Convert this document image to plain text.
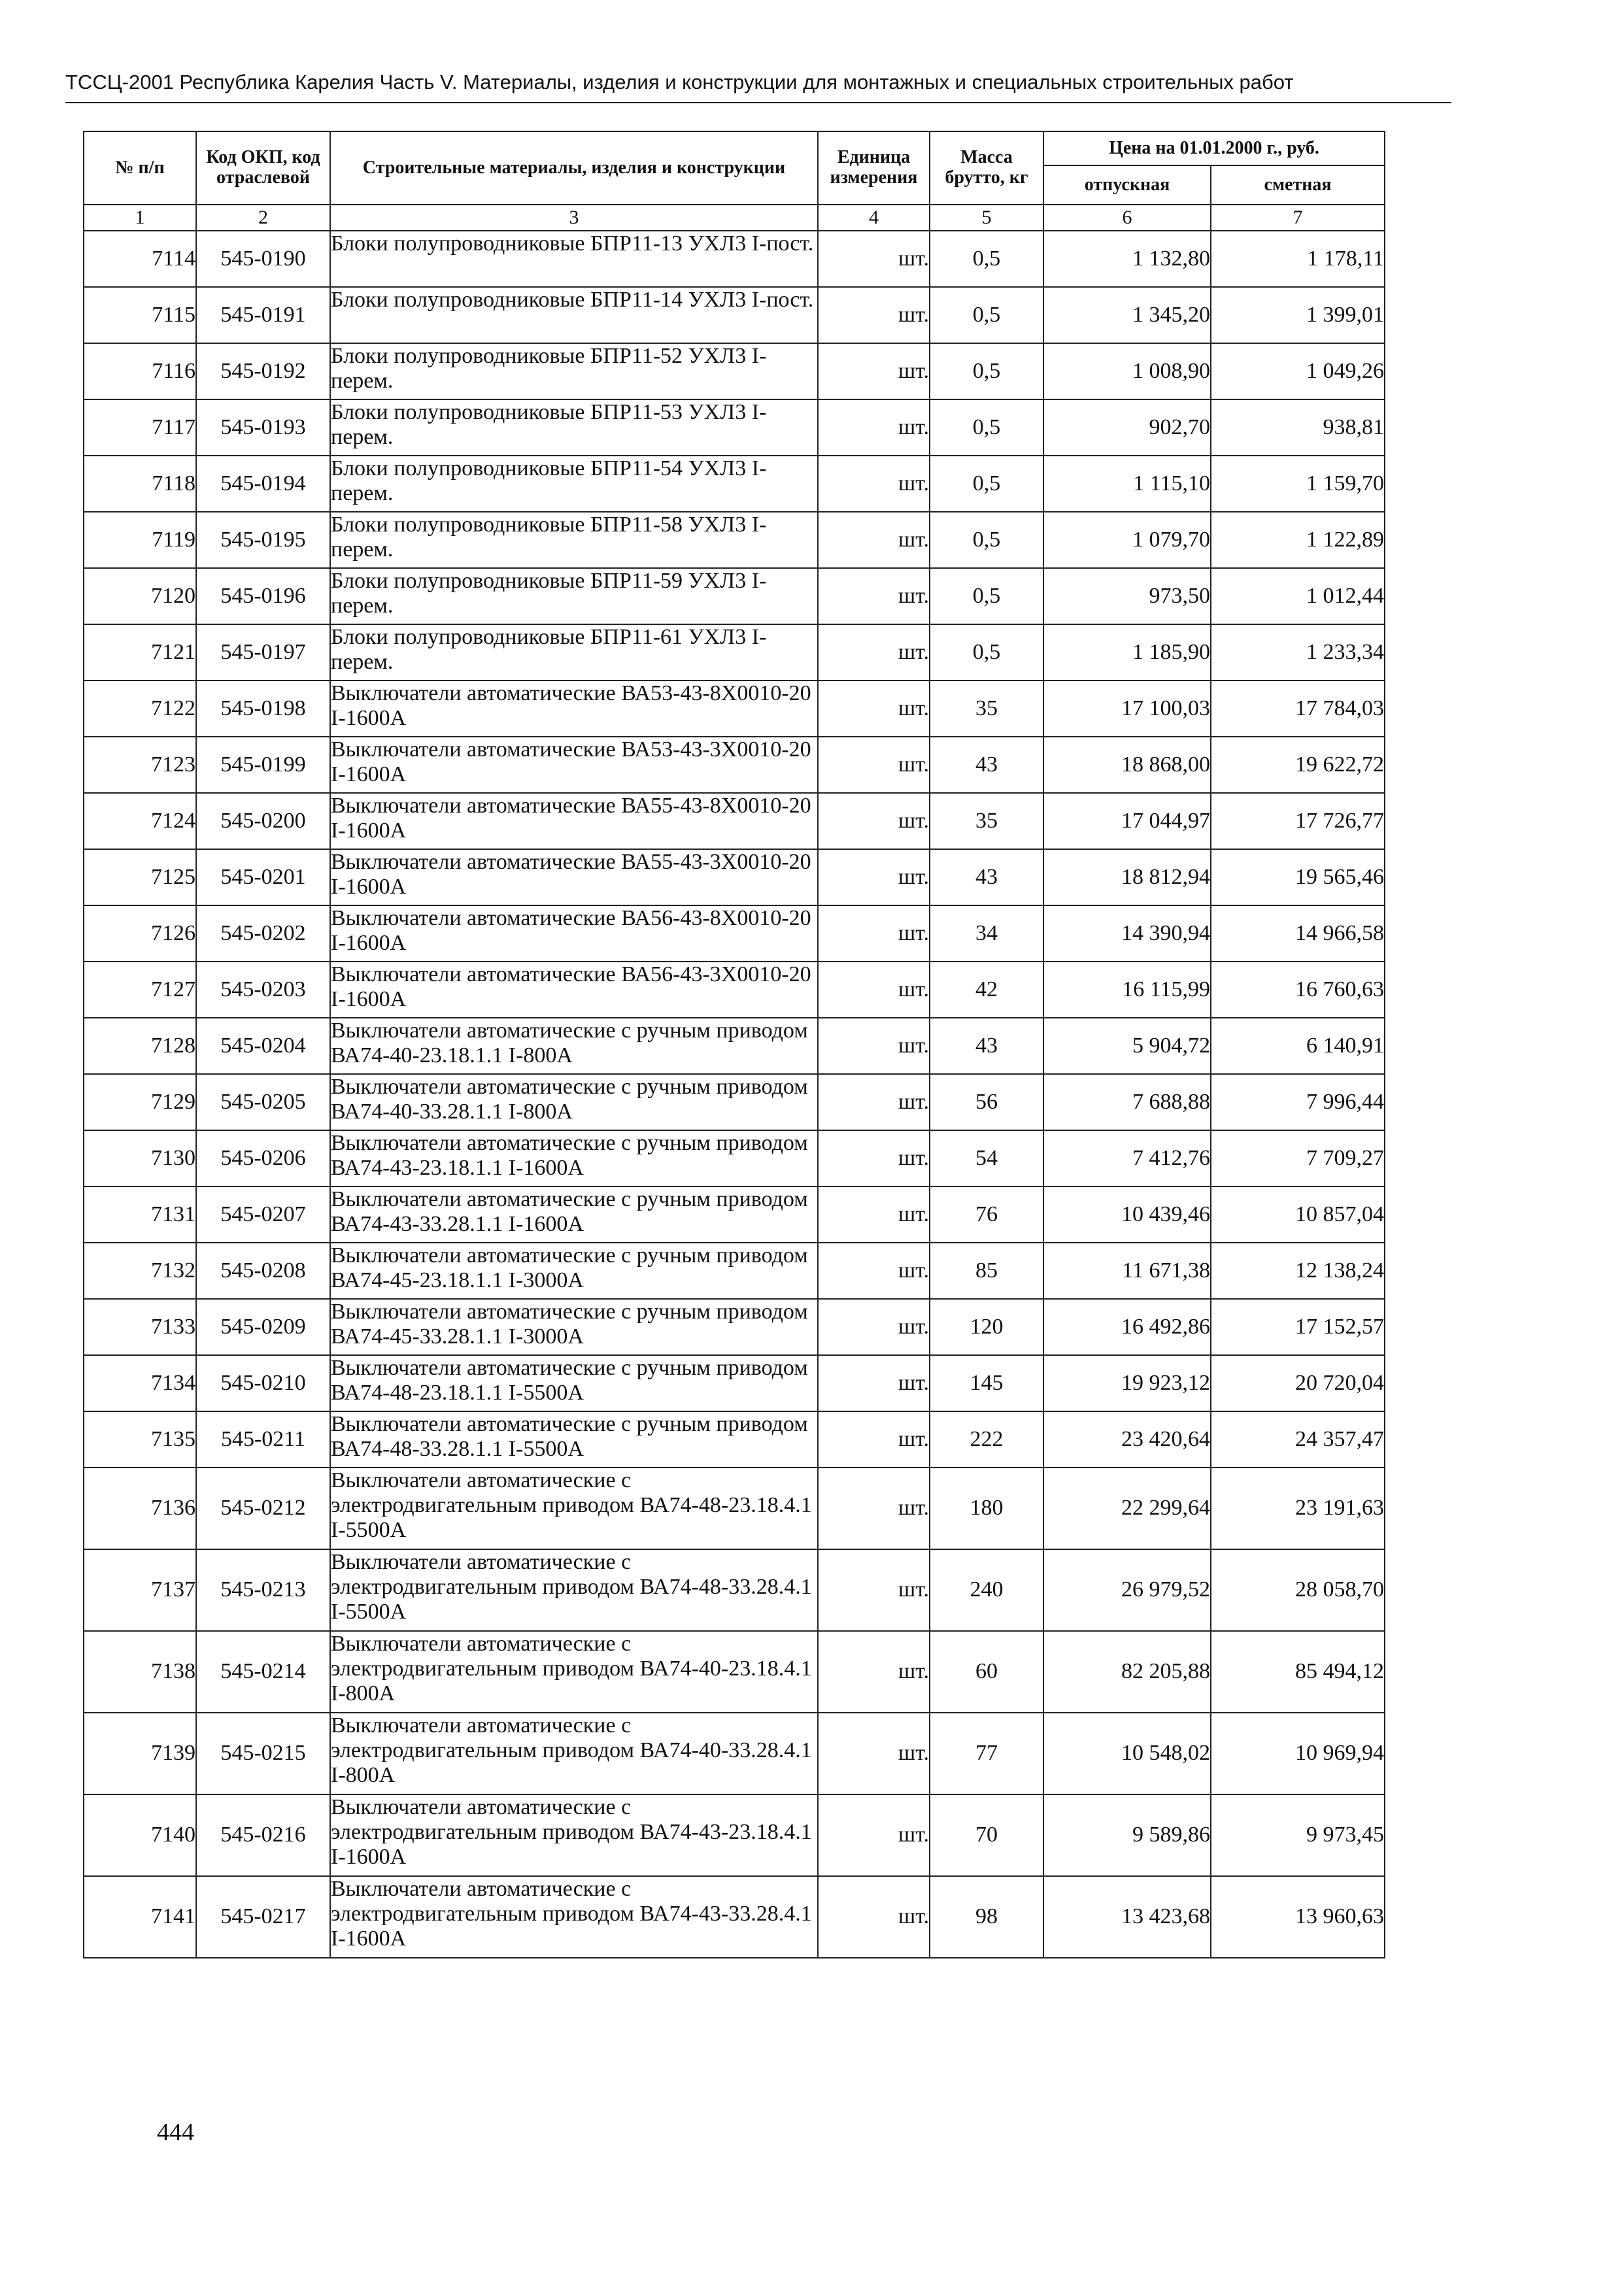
ТССЦ-2001 Республика Карелия Часть V. Материалы, изделия и конструкции для монтажных и специальных строительных работ
№ п/п	Код ОКП, код отраслевой	Строительные материалы, изделия и конструкции	Единица измерения	Масса брутто, кг	Цена на 01.01.2000 г., руб.	
					отпускная	сметная
1	2	3	4	5	6	7
7114	545-0190	Блоки полупроводниковые БПР11-13 УХЛ3 I-пост.	шт.	0,5	1 132,80	1 178,11
7115	545-0191	Блоки полупроводниковые БПР11-14 УХЛ3 I-пост.	шт.	0,5	1 345,20	1 399,01
7116	545-0192	Блоки полупроводниковые БПР11-52 УХЛ3 I-перем.	шт.	0,5	1 008,90	1 049,26
7117	545-0193	Блоки полупроводниковые БПР11-53 УХЛ3 I-перем.	шт.	0,5	902,70	938,81
7118	545-0194	Блоки полупроводниковые БПР11-54 УХЛ3 I-перем.	шт.	0,5	1 115,10	1 159,70
7119	545-0195	Блоки полупроводниковые БПР11-58 УХЛ3 I-перем.	шт.	0,5	1 079,70	1 122,89
7120	545-0196	Блоки полупроводниковые БПР11-59 УХЛ3 I-перем.	шт.	0,5	973,50	1 012,44
7121	545-0197	Блоки полупроводниковые БПР11-61 УХЛ3 I-перем.	шт.	0,5	1 185,90	1 233,34
7122	545-0198	Выключатели автоматические ВА53-43-8Х0010-20 I-1600А	шт.	35	17 100,03	17 784,03
7123	545-0199	Выключатели автоматические ВА53-43-3Х0010-20 I-1600А	шт.	43	18 868,00	19 622,72
7124	545-0200	Выключатели автоматические ВА55-43-8Х0010-20 I-1600А	шт.	35	17 044,97	17 726,77
7125	545-0201	Выключатели автоматические ВА55-43-3Х0010-20 I-1600А	шт.	43	18 812,94	19 565,46
7126	545-0202	Выключатели автоматические ВА56-43-8Х0010-20 I-1600А	шт.	34	14 390,94	14 966,58
7127	545-0203	Выключатели автоматические ВА56-43-3Х0010-20 I-1600А	шт.	42	16 115,99	16 760,63
7128	545-0204	Выключатели автоматические с ручным приводом ВА74-40-23.18.1.1 I-800А	шт.	43	5 904,72	6 140,91
7129	545-0205	Выключатели автоматические с ручным приводом ВА74-40-33.28.1.1 I-800А	шт.	56	7 688,88	7 996,44
7130	545-0206	Выключатели автоматические с ручным приводом ВА74-43-23.18.1.1 I-1600А	шт.	54	7 412,76	7 709,27
7131	545-0207	Выключатели автоматические с ручным приводом ВА74-43-33.28.1.1 I-1600А	шт.	76	10 439,46	10 857,04
7132	545-0208	Выключатели автоматические с ручным приводом ВА74-45-23.18.1.1 I-3000А	шт.	85	11 671,38	12 138,24
7133	545-0209	Выключатели автоматические с ручным приводом ВА74-45-33.28.1.1 I-3000А	шт.	120	16 492,86	17 152,57
7134	545-0210	Выключатели автоматические с ручным приводом ВА74-48-23.18.1.1 I-5500А	шт.	145	19 923,12	20 720,04
7135	545-0211	Выключатели автоматические с ручным приводом ВА74-48-33.28.1.1 I-5500А	шт.	222	23 420,64	24 357,47
7136	545-0212	Выключатели автоматические с электродвигательным приводом ВА74-48-23.18.4.1 I-5500А	шт.	180	22 299,64	23 191,63
7137	545-0213	Выключатели автоматические с электродвигательным приводом ВА74-48-33.28.4.1 I-5500А	шт.	240	26 979,52	28 058,70
7138	545-0214	Выключатели автоматические с электродвигательным приводом ВА74-40-23.18.4.1 I-800А	шт.	60	82 205,88	85 494,12
7139	545-0215	Выключатели автоматические с электродвигательным приводом ВА74-40-33.28.4.1 I-800А	шт.	77	10 548,02	10 969,94
7140	545-0216	Выключатели автоматические с электродвигательным приводом ВА74-43-23.18.4.1 I-1600А	шт.	70	9 589,86	9 973,45
7141	545-0217	Выключатели автоматические с электродвигательным приводом ВА74-43-33.28.4.1 I-1600А	шт.	98	13 423,68	13 960,63
444
